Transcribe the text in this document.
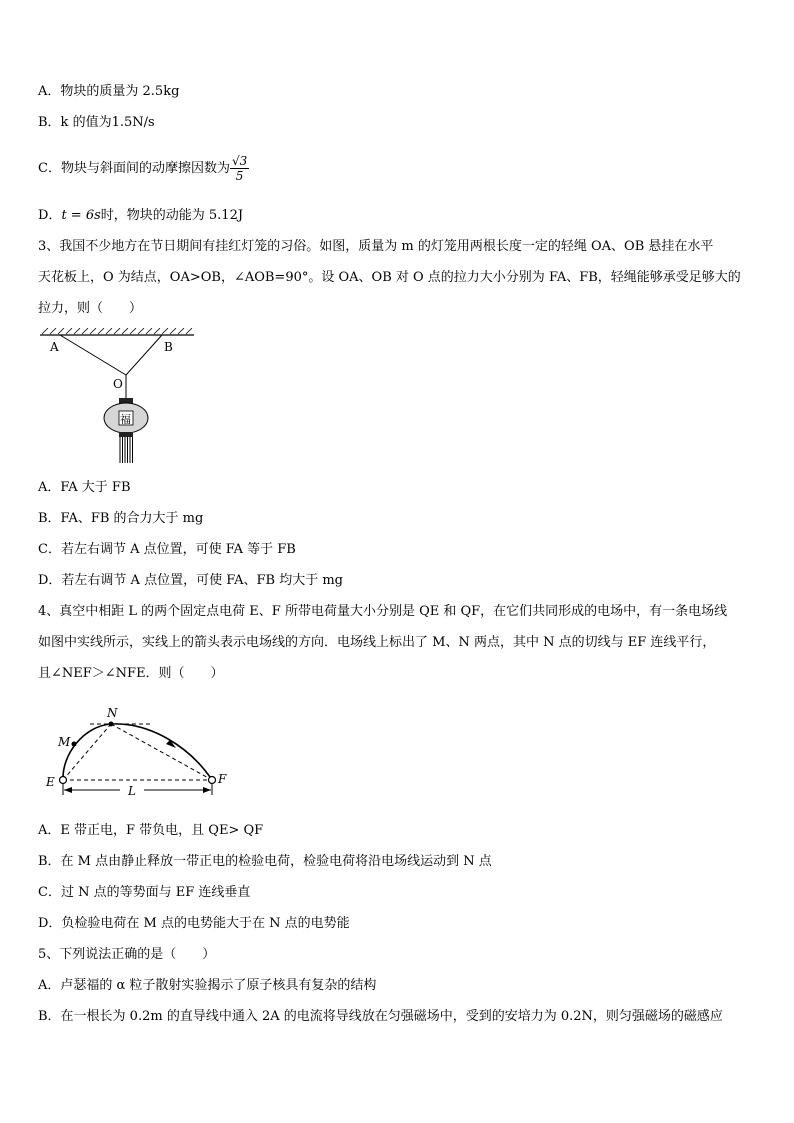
A．物块的质量为 2.5kg
B．k 的值为1.5N/s
C．物块与斜面间的动摩擦因数为 $\frac{√3}{5}$
D．t = 6s时，物块的动能为 5.12J
3、我国不少地方在节日期间有挂红灯笼的习俗。如图，质量为 m 的灯笼用两根长度一定的轻绳 OA、OB 悬挂在水平
天花板上，O 为结点，OA>OB，∠AOB=90°。设 OA、OB 对 O 点的拉力大小分别为 FA、FB，轻绳能够承受足够大的
拉力，则（　　）
A	B
O
福
A．FA 大于 FB
B．FA、FB 的合力大于 mg
C．若左右调节 A 点位置，可使 FA 等于 FB
D．若左右调节 A 点位置，可使 FA、FB 均大于 mg
4、真空中相距 L 的两个固定点电荷 E、F 所带电荷量大小分别是 QE 和 QF，在它们共同形成的电场中，有一条电场线
如图中实线所示，实线上的箭头表示电场线的方向．电场线上标出了 M、N 两点，其中 N 点的切线与 EF 连线平行，
且∠NEF＞∠NFE．则（　　）
N
M
E	F
L
A．E 带正电，F 带负电，且 QE> QF
B．在 M 点由静止释放一带正电的检验电荷，检验电荷将沿电场线运动到 N 点
C．过 N 点的等势面与 EF 连线垂直
D．负检验电荷在 M 点的电势能大于在 N 点的电势能
5、下列说法正确的是（　　）
A．卢瑟福的 α 粒子散射实验揭示了原子核具有复杂的结构
B．在一根长为 0.2m 的直导线中通入 2A 的电流将导线放在匀强磁场中，受到的安培力为 0.2N，则匀强磁场的磁感应
